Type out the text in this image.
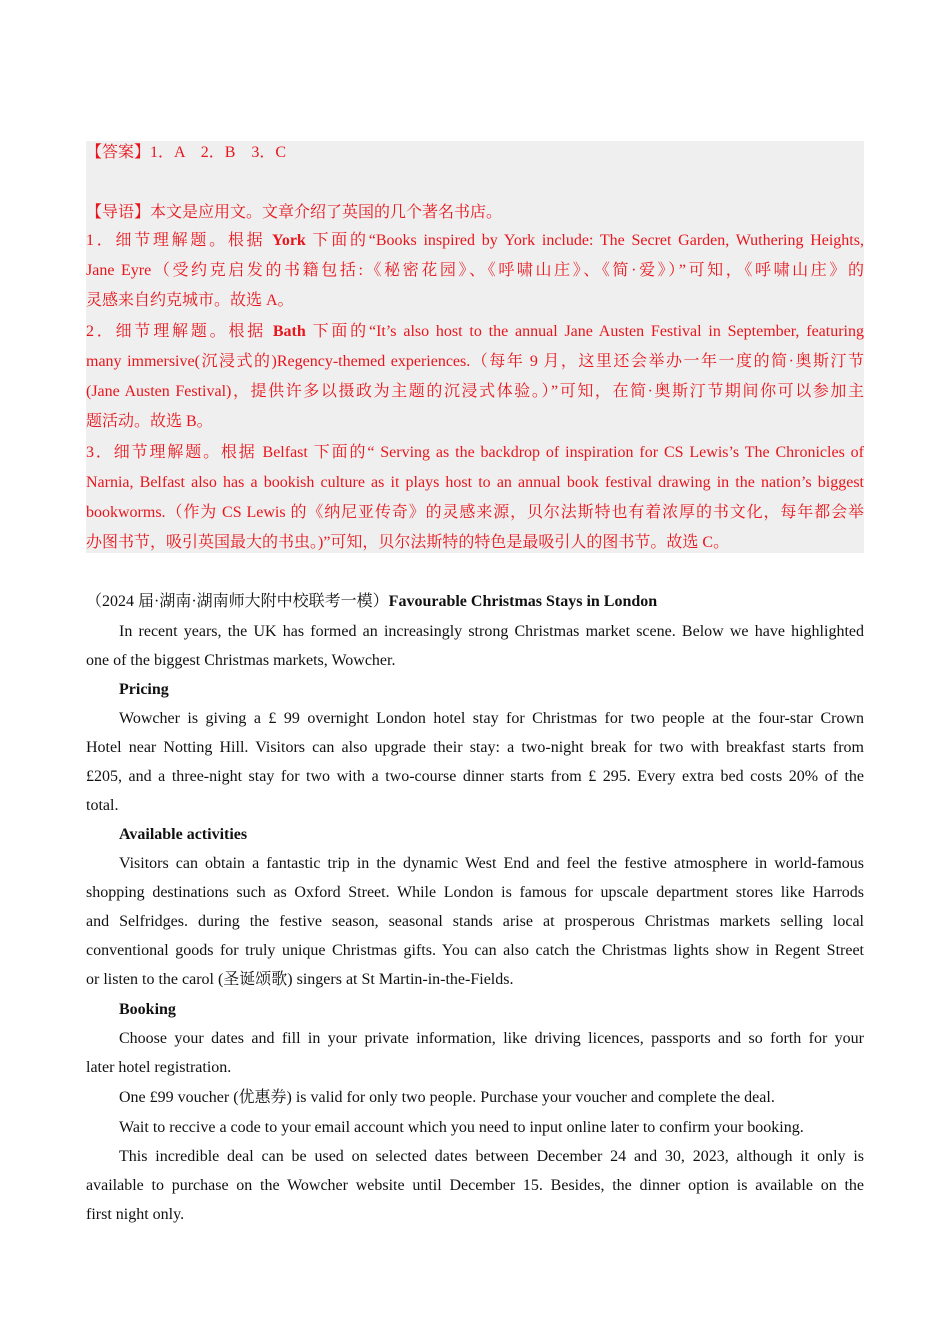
【答案】1．A　2．B　3．C
【导语】本文是应用文。文章介绍了英国的几个著名书店。
1．细节理解题。根据 York 下面的“Books inspired by York include: The Secret Garden, Wuthering Heights,
Jane Eyre（受约克启发的书籍包括:《秘密花园》、《呼啸山庄》、《简·爱》）”可知，《呼啸山庄》的
灵感来自约克城市。故选 A。
2．细节理解题。根据 Bath 下面的“It’s also host to the annual Jane Austen Festival in September, featuring
many immersive(沉浸式的)Regency-themed experiences.（每年 9 月，这里还会举办一年一度的简·奥斯汀节
(Jane Austen Festival)，提供许多以摄政为主题的沉浸式体验。）”可知，在简·奥斯汀节期间你可以参加主
题活动。故选 B。
3．细节理解题。根据 Belfast 下面的“ Serving as the backdrop of inspiration for CS Lewis’s The Chronicles of
Narnia, Belfast also has a bookish culture as it plays host to an annual book festival drawing in the nation’s biggest
bookworms.（作为 CS Lewis 的《纳尼亚传奇》的灵感来源，贝尔法斯特也有着浓厚的书文化，每年都会举
办图书节，吸引英国最大的书虫。)”可知，贝尔法斯特的特色是最吸引人的图书节。故选 C。
（2024 届·湖南·湖南师大附中校联考一模）Favourable Christmas Stays in London
In recent years, the UK has formed an increasingly strong Christmas market scene. Below we have highlighted
one of the biggest Christmas markets, Wowcher.
Pricing
Wowcher is giving a £ 99 overnight London hotel stay for Christmas for two people at the four-star Crown
Hotel near Notting Hill. Visitors can also upgrade their stay: a two-night break for two with breakfast starts from
£205, and a three-night stay for two with a two-course dinner starts from £ 295. Every extra bed costs 20% of the
total.
Available activities
Visitors can obtain a fantastic trip in the dynamic West End and feel the festive atmosphere in world-famous
shopping destinations such as Oxford Street. While London is famous for upscale department stores like Harrods
and Selfridges. during the festive season, seasonal stands arise at prosperous Christmas markets selling local
conventional goods for truly unique Christmas gifts. You can also catch the Christmas lights show in Regent Street
or listen to the carol (圣诞颂歌) singers at St Martin-in-the-Fields.
Booking
Choose your dates and fill in your private information, like driving licences, passports and so forth for your
later hotel registration.
One £99 voucher (优惠券) is valid for only two people. Purchase your voucher and complete the deal.
Wait to reccive a code to your email account which you need to input online later to confirm your booking.
This incredible deal can be used on selected dates between December 24 and 30, 2023, although it only is
available to purchase on the Wowcher website until December 15. Besides, the dinner option is available on the
first night only.
